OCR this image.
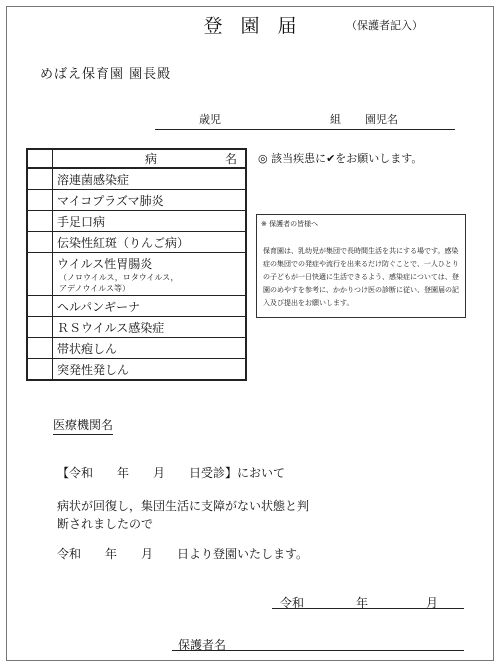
登園届	（保護者記入）
めばえ保育園 園長殿
歳児	組 園児名

	病 名

	溶連菌感染症
	マイコプラズマ肺炎
	手足口病
	伝染性紅斑（りんご病）
	ウイルス性胃腸炎
（ノロウイルス，ロタウイルス，
アデノウイルス等）

	ヘルパンギーナ
	ＲＳウイルス感染症
	帯状疱しん
	突発性発しん
◎ 該当疾患に✔をお願いします。
※ 保護者の皆様へ
保育園は、乳幼児が集団で長時間生活を共にする場です。感染症の集団での発症や流行を出来るだけ防ぐことで、一人ひとりの子どもが一日快適に生活できるよう、感染症については、登園のめやすを参考に、かかりつけ医の診断に従い、登園届の記入及び提出をお願いします。
医療機関名
【令和　　年　　月　　日受診】において
病状が回復し，集団生活に支障がない状態と判
断されましたので
令和　　年　　月　　日より登園いたします。
令和	年	月
保護者名
